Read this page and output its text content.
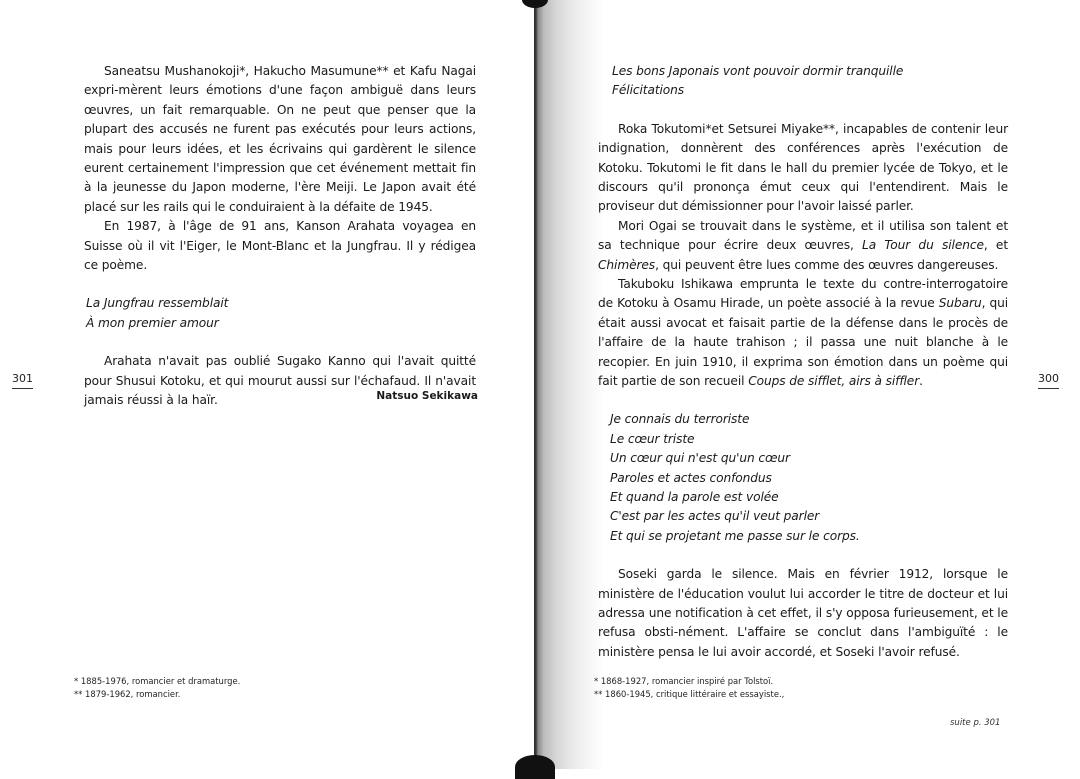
Saneatsu Mushanokoji*, Hakucho Masumune** et Kafu Nagai expri-mèrent leurs émotions d'une façon ambiguë dans leurs œuvres, un fait remarquable. On ne peut que penser que la plupart des accusés ne furent pas exécutés pour leurs actions, mais pour leurs idées, et les écrivains qui gardèrent le silence eurent certainement l'impression que cet événement mettait fin à la jeunesse du Japon moderne, l'ère Meiji. Le Japon avait été placé sur les rails qui le conduiraient à la défaite de 1945.

En 1987, à l'âge de 91 ans, Kanson Arahata voyagea en Suisse où il vit l'Eiger, le Mont-Blanc et la Jungfrau. Il y rédigea ce poème.

La Jungfrau ressemblait
À mon premier amour

Arahata n'avait pas oublié Sugako Kanno qui l'avait quitté pour Shusui Kotoku, et qui mourut aussi sur l'échafaud. Il n'avait jamais réussi à la haïr.	Natsuo Sekikawa
301
* 1885-1976, romancier et dramaturge.
** 1879-1962, romancier.
Les bons Japonais vont pouvoir dormir tranquille
Félicitations

Roka Tokutomi*et Setsurei Miyake**, incapables de contenir leur indignation, donnèrent des conférences après l'exécution de Kotoku. Tokutomi le fit dans le hall du premier lycée de Tokyo, et le discours qu'il prononça émut ceux qui l'entendirent. Mais le proviseur dut démissionner pour l'avoir laissé parler.

Mori Ogai se trouvait dans le système, et il utilisa son talent et sa technique pour écrire deux œuvres, La Tour du silence, et Chimères, qui peuvent être lues comme des œuvres dangereuses.

Takuboku Ishikawa emprunta le texte du contre-interrogatoire de Kotoku à Osamu Hirade, un poète associé à la revue Subaru, qui était aussi avocat et faisait partie de la défense dans le procès de l'affaire de la haute trahison ; il passa une nuit blanche à le recopier. En juin 1910, il exprima son émotion dans un poème qui fait partie de son recueil Coups de sifflet, airs à siffler.

Je connais du terroriste
Le cœur triste
Un cœur qui n'est qu'un cœur
Paroles et actes confondus
Et quand la parole est volée
C'est par les actes qu'il veut parler
Et qui se projetant me passe sur le corps.

Soseki garda le silence. Mais en février 1912, lorsque le ministère de l'éducation voulut lui accorder le titre de docteur et lui adressa une notification à cet effet, il s'y opposa furieusement, et le refusa obsti-nément. L'affaire se conclut dans l'ambiguïté : le ministère pensa le lui avoir accordé, et Soseki l'avoir refusé.

300
* 1868-1927, romancier inspiré par Tolstoï.
** 1860-1945, critique littéraire et essayiste.,
suite p. 301
